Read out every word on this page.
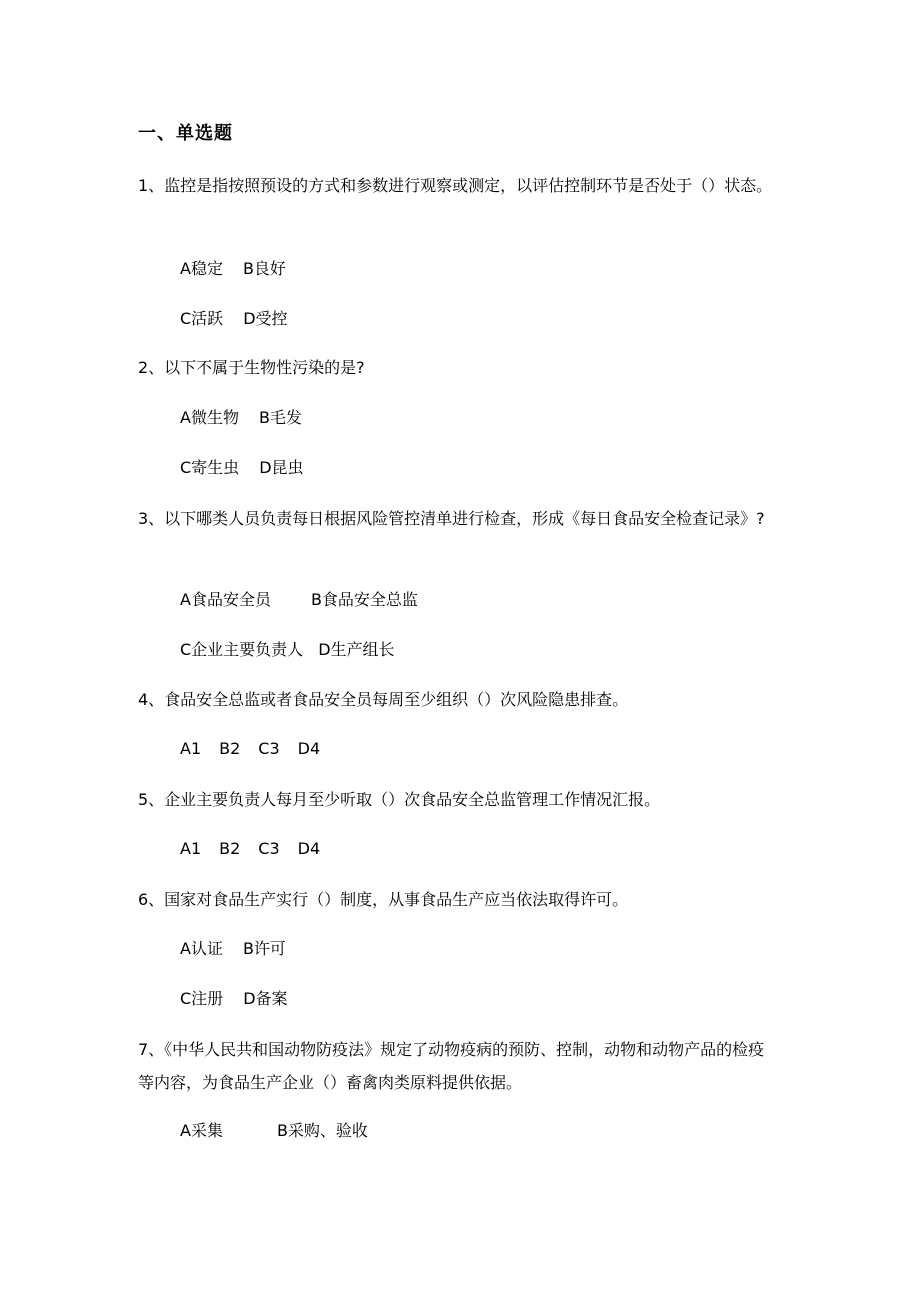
一、单选题
1、监控是指按照预设的方式和参数进行观察或测定，以评估控制环节是否处于（）状态。
A稳定 B良好
C活跃 D受控
2、以下不属于生物性污染的是?
A微生物 B毛发
C寄生虫 D昆虫
3、以下哪类人员负责每日根据风险管控清单进行检查，形成《每日食品安全检查记录》?
A食品安全员	B食品安全总监
C企业主要负责人 D生产组长
4、食品安全总监或者食品安全员每周至少组织（）次风险隐患排查。
A1 B2 C3 D4
5、企业主要负责人每月至少听取（）次食品安全总监管理工作情况汇报。
A1 B2 C3 D4
6、国家对食品生产实行（）制度，从事食品生产应当依法取得许可。
A认证 B许可
C注册 D备案
7、《中华人民共和国动物防疫法》规定了动物疫病的预防、控制，动物和动物产品的检疫等内容，为食品生产企业（）畜禽肉类原料提供依据。
A采集	B采购、验收
